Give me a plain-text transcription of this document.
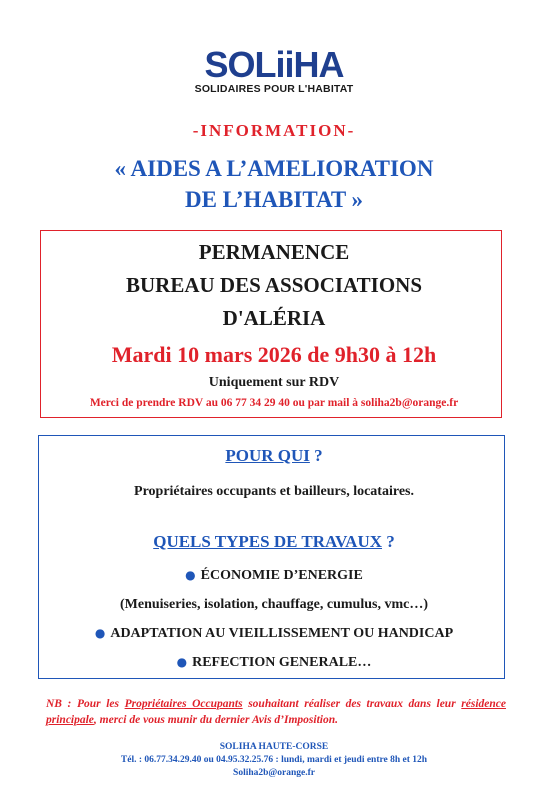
SOLiiHA
SOLIDAIRES POUR L'HABITAT
-INFORMATION-
« AIDES A L’AMELIORATION
DE L’HABITAT »
PERMANENCE
BUREAU DES ASSOCIATIONS
D'ALÉRIA
Mardi 10 mars 2026 de 9h30 à 12h
Uniquement sur RDV
Merci de prendre RDV au 06 77 34 29 40 ou par mail à soliha2b@orange.fr
POUR QUI ?
Propriétaires occupants et bailleurs, locataires.
QUELS TYPES DE TRAVAUX ?
● ÉCONOMIE D’ENERGIE
(Menuiseries, isolation, chauffage, cumulus, vmc…)
● ADAPTATION AU VIEILLISSEMENT OU HANDICAP
● REFECTION GENERALE…
NB : Pour les Propriétaires Occupants souhaitant réaliser des travaux dans leur résidence principale, merci de vous munir du dernier Avis d’Imposition.
SOLIHA HAUTE-CORSE
Tél. : 06.77.34.29.40 ou 04.95.32.25.76 : lundi, mardi et jeudi entre 8h et 12h
Soliha2b@orange.fr
